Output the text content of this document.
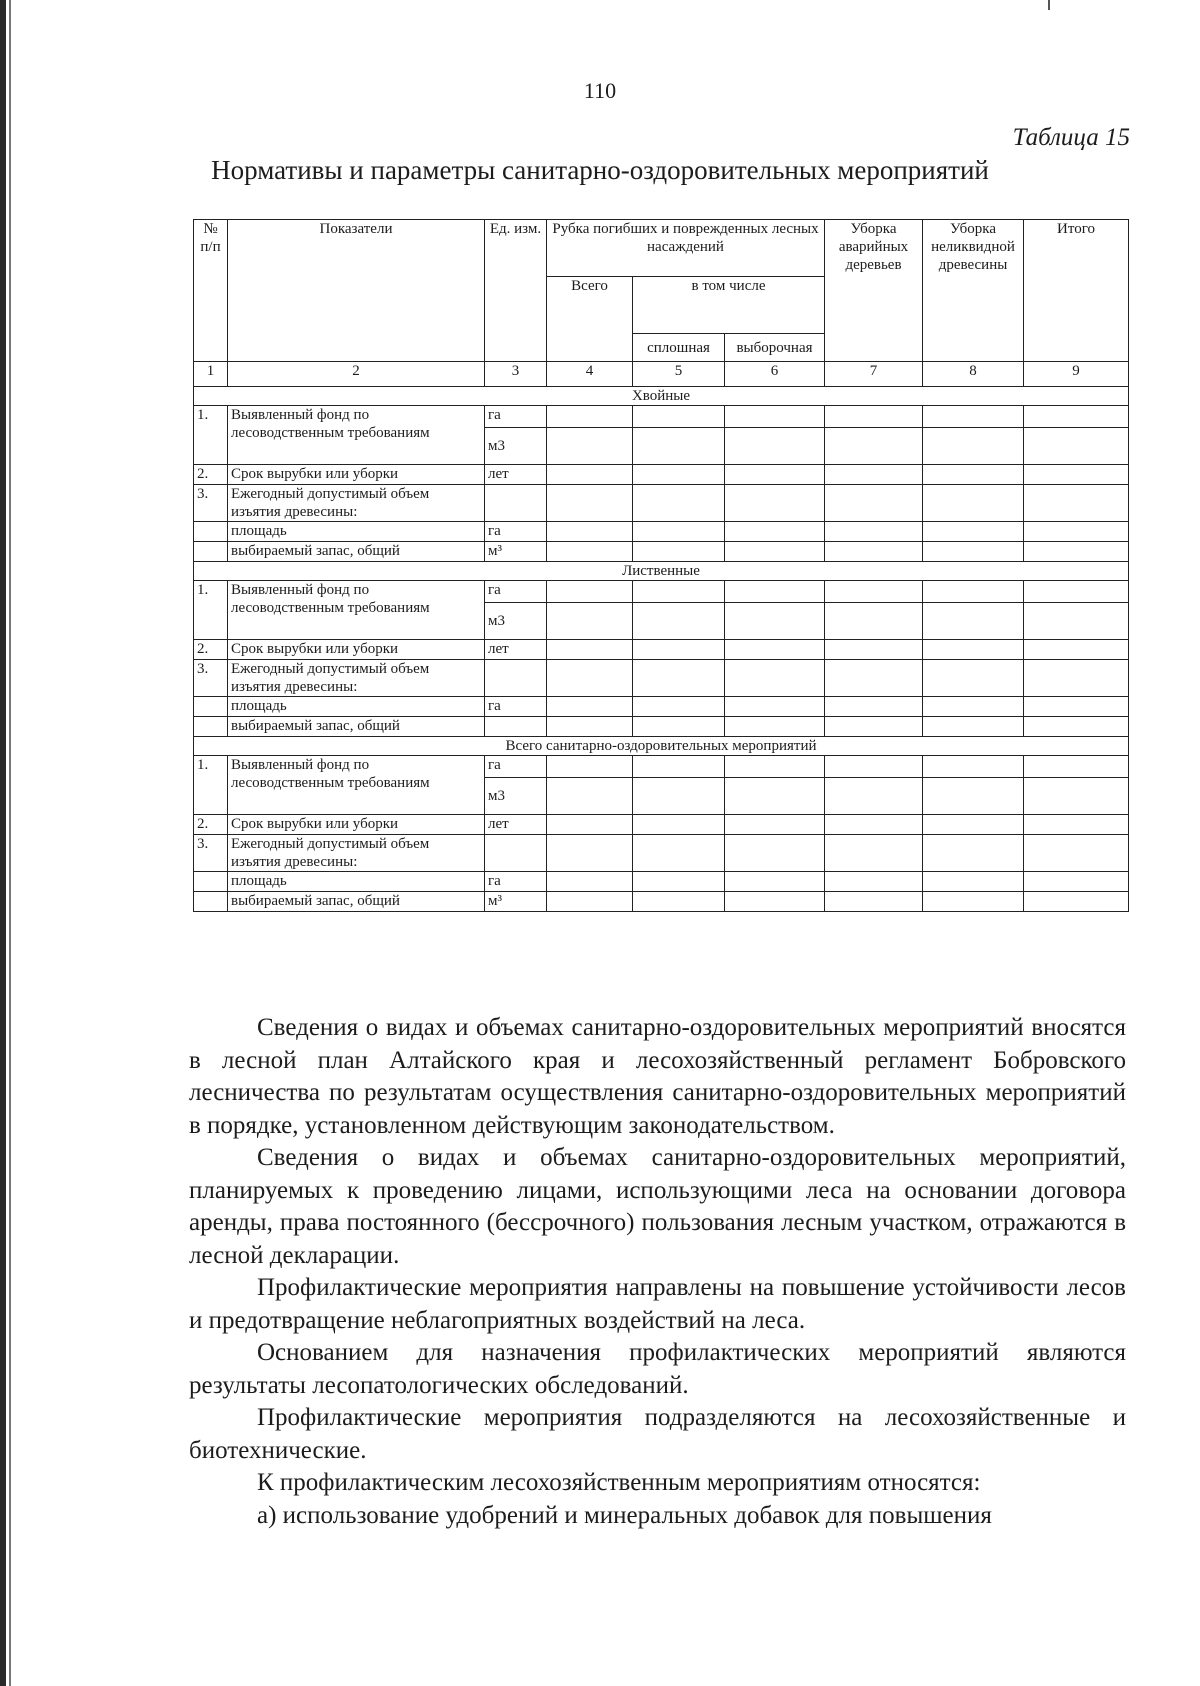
110
Таблица 15
Нормативы и параметры санитарно-оздоровительных мероприятий
№ п/п	Показатели	Ед. изм.	Рубка погибших и поврежденных лесных насаждений			Уборка аварийных деревьев	Уборка неликвидной древесины	Итого
			Всего	в том числе				
				сплошная	выборочная			
1	2	3	4	5	6	7	8	9
Хвойные								
1.	Выявленный фонд по лесоводственным требованиям	га						
		м3						
2.	Срок вырубки или уборки	лет						
3.	Ежегодный допустимый объем изъятия древесины:							
	площадь	га						
	выбираемый запас, общий	м³						
Лиственные								
1.	Выявленный фонд по лесоводственным требованиям	га						
		м3						
2.	Срок вырубки или уборки	лет						
3.	Ежегодный допустимый объем изъятия древесины:							
	площадь	га						
	выбираемый запас, общий							
Всего санитарно-оздоровительных мероприятий								
1.	Выявленный фонд по лесоводственным требованиям	га						
		м3						
2.	Срок вырубки или уборки	лет						
3.	Ежегодный допустимый объем изъятия древесины:							
	площадь	га						
	выбираемый запас, общий	м³						

Сведения о видах и объемах санитарно-оздоровительных мероприятий вносятся в лесной план Алтайского края и лесохозяйственный регламент Бобровского лесничества по результатам осуществления санитарно-оздоровительных мероприятий в порядке, установленном действующим законодательством.

Сведения о видах и объемах санитарно-оздоровительных мероприятий, планируемых к проведению лицами, использующими леса на основании договора аренды, права постоянного (бессрочного) пользования лесным участком, отражаются в лесной декларации.

Профилактические мероприятия направлены на повышение устойчивости лесов и предотвращение неблагоприятных воздействий на леса.

Основанием для назначения профилактических мероприятий являются результаты лесопатологических обследований.

Профилактические мероприятия подразделяются на лесохозяйственные и биотехнические.

К профилактическим лесохозяйственным мероприятиям относятся:

а) использование удобрений и минеральных добавок для повышения
